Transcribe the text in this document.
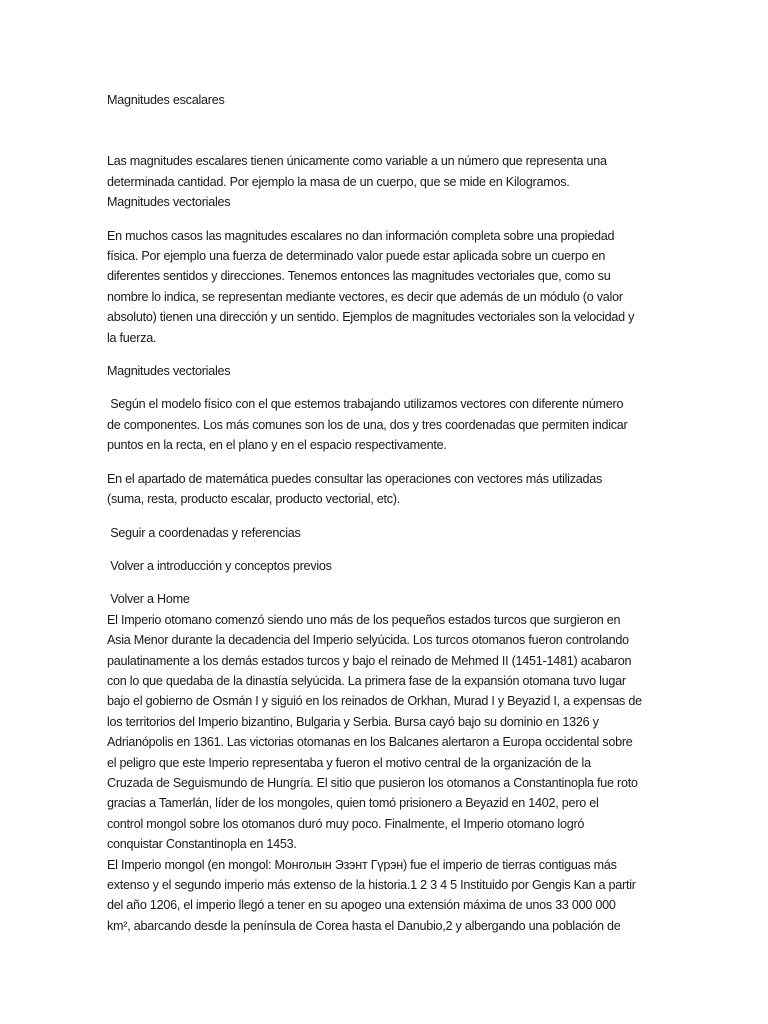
Magnitudes escalares
Las magnitudes escalares tienen únicamente como variable a un número que representa una
determinada cantidad. Por ejemplo la masa de un cuerpo, que se mide en Kilogramos.
Magnitudes vectoriales
En muchos casos las magnitudes escalares no dan información completa sobre una propiedad
física. Por ejemplo una fuerza de determinado valor puede estar aplicada sobre un cuerpo en
diferentes sentidos y direcciones. Tenemos entonces las magnitudes vectoriales que, como su
nombre lo indica, se representan mediante vectores, es decir que además de un módulo (o valor
absoluto) tienen una dirección y un sentido. Ejemplos de magnitudes vectoriales son la velocidad y
la fuerza.
Magnitudes vectoriales
Según el modelo físico con el que estemos trabajando utilizamos vectores con diferente número
de componentes. Los más comunes son los de una, dos y tres coordenadas que permiten indicar
puntos en la recta, en el plano y en el espacio respectivamente.
En el apartado de matemática puedes consultar las operaciones con vectores más utilizadas
(suma, resta, producto escalar, producto vectorial, etc).
Seguir a coordenadas y referencias
Volver a introducción y conceptos previos
Volver a Home
El Imperio otomano comenzó siendo uno más de los pequeños estados turcos que surgieron en
Asia Menor durante la decadencia del Imperio selyúcida. Los turcos otomanos fueron controlando
paulatinamente a los demás estados turcos y bajo el reinado de Mehmed II (1451-1481) acabaron
con lo que quedaba de la dinastía selyúcida. La primera fase de la expansión otomana tuvo lugar
bajo el gobierno de Osmán I y siguió en los reinados de Orkhan, Murad I y Beyazid I, a expensas de
los territorios del Imperio bizantino, Bulgaria y Serbia. Bursa cayó bajo su dominio en 1326 y
Adrianópolis en 1361. Las victorias otomanas en los Balcanes alertaron a Europa occidental sobre
el peligro que este Imperio representaba y fueron el motivo central de la organización de la
Cruzada de Seguismundo de Hungría. El sitio que pusieron los otomanos a Constantinopla fue roto
gracias a Tamerlán, líder de los mongoles, quien tomó prisionero a Beyazid en 1402, pero el
control mongol sobre los otomanos duró muy poco. Finalmente, el Imperio otomano logró
conquistar Constantinopla en 1453.
El Imperio mongol (en mongol: Монголын Эзэнт Гүрэн) fue el imperio de tierras contiguas más
extenso y el segundo imperio más extenso de la historia.1 2 3 4 5 Instituido por Gengis Kan a partir
del año 1206, el imperio llegó a tener en su apogeo una extensión máxima de unos 33 000 000
km², abarcando desde la península de Corea hasta el Danubio,2 y albergando una población de
